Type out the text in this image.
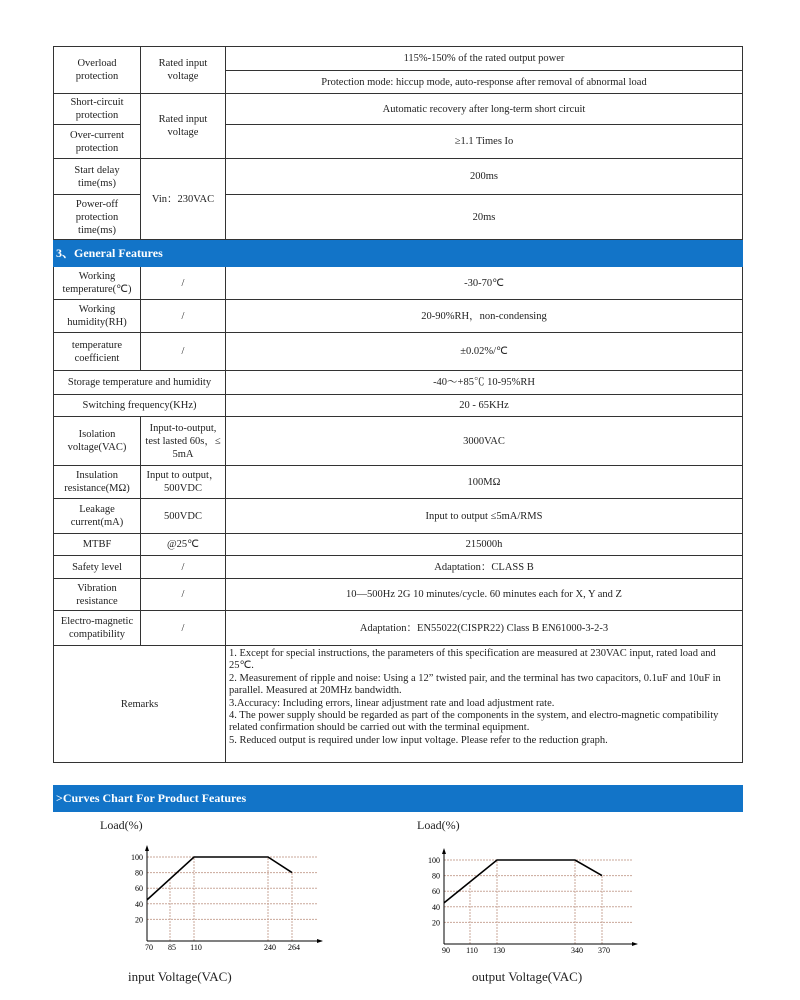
Overload protection	Rated input voltage	115%-150% of the rated output power
		Protection mode: hiccup mode, auto-response after removal of abnormal load
Short-circuit protection	Rated input voltage	Automatic recovery after long-term short circuit
Over-current protection		≥1.1 Times Io
Start delay time(ms)	Vin：230VAC	200ms
Power-off protection time(ms)		20ms
3、General Features		
Working temperature(℃)	/	-30-70℃
Working humidity(RH)	/	20-90%RH，non-condensing
temperature coefficient	/	±0.02%/℃
Storage temperature and humidity		-40～+85℃ 10-95%RH
Switching frequency(KHz)		20 - 65KHz
Isolation voltage(VAC)	Input-to-output, test lasted 60s，≤ 5mA	3000VAC
Insulation resistance(MΩ)	Input to output，500VDC	100MΩ
Leakage current(mA)	500VDC	Input to output ≤5mA/RMS
MTBF	@25℃	215000h
Safety level	/	Adaptation：CLASS B
Vibration resistance	/	10—500Hz 2G 10 minutes/cycle. 60 minutes each for X, Y and Z
Electro-magnetic compatibility	/	Adaptation：EN55022(CISPR22) Class B EN61000-3-2-3
Remarks		1. Except for special instructions, the parameters of this specification are measured at 230VAC input, rated load and 25℃.
2. Measurement of ripple and noise: Using a 12” twisted pair, and the terminal has two capacitors, 0.1uF and 10uF in parallel. Measured at 20MHz bandwidth.
3.Accuracy: Including errors, linear adjustment rate and load adjustment rate.
4. The power supply should be regarded as part of the components in the system, and electro-magnetic compatibility related confirmation should be carried out with the terminal equipment.
5. Reduced output is required under low input voltage. Please refer to the reduction graph.
>Curves Chart For Product Features
Load(%)	Load(%)
input Voltage(VAC)	output Voltage(VAC)
20
40
60
80
100
70 85 110	240 264
20
40
60
80
100
90 110 130	340 370
